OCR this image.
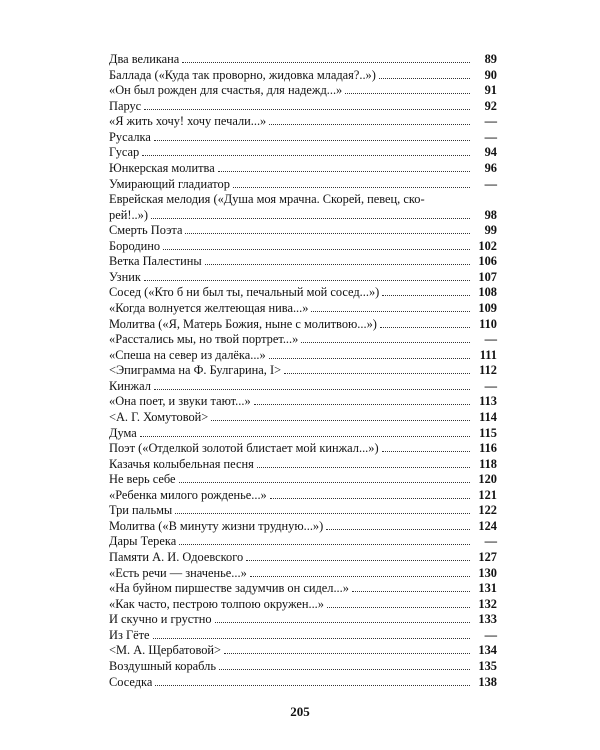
Два великана	89
Баллада («Куда так проворно, жидовка младая?..»)	90
«Он был рожден для счастья, для надежд...»	91
Парус	92
«Я жить хочу! хочу печали...»	—
Русалка	—
Гусар	94
Юнкерская молитва	96
Умирающий гладиатор	—
Еврейская мелодия («Душа моя мрачна. Скорей, певец, ско-
рей!..»)	98
Смерть Поэта	99
Бородино	102
Ветка Палестины	106
Узник	107
Сосед («Кто б ни был ты, печальный мой сосед...»)	108
«Когда волнуется желтеющая нива...»	109
Молитва («Я, Матерь Божия, ныне с молитвою...»)	110
«Расстались мы, но твой портрет...»	—
«Спеша на север из далёка...»	111
<Эпиграмма на Ф. Булгарина, I>	112
Кинжал	—
«Она поет, и звуки тают...»	113
<А. Г. Хомутовой>	114
Дума	115
Поэт («Отделкой золотой блистает мой кинжал...»)	116
Казачья колыбельная песня	118
Не верь себе	120
«Ребенка милого рожденье...»	121
Три пальмы	122
Молитва («В минуту жизни трудную...»)	124
Дары Терека	—
Памяти А. И. Одоевского	127
«Есть речи — значенье...»	130
«На буйном пиршестве задумчив он сидел...»	131
«Как часто, пестрою толпою окружен...»	132
И скучно и грустно	133
Из Гёте	—
<М. А. Щербатовой>	134
Воздушный корабль	135
Соседка	138
205
